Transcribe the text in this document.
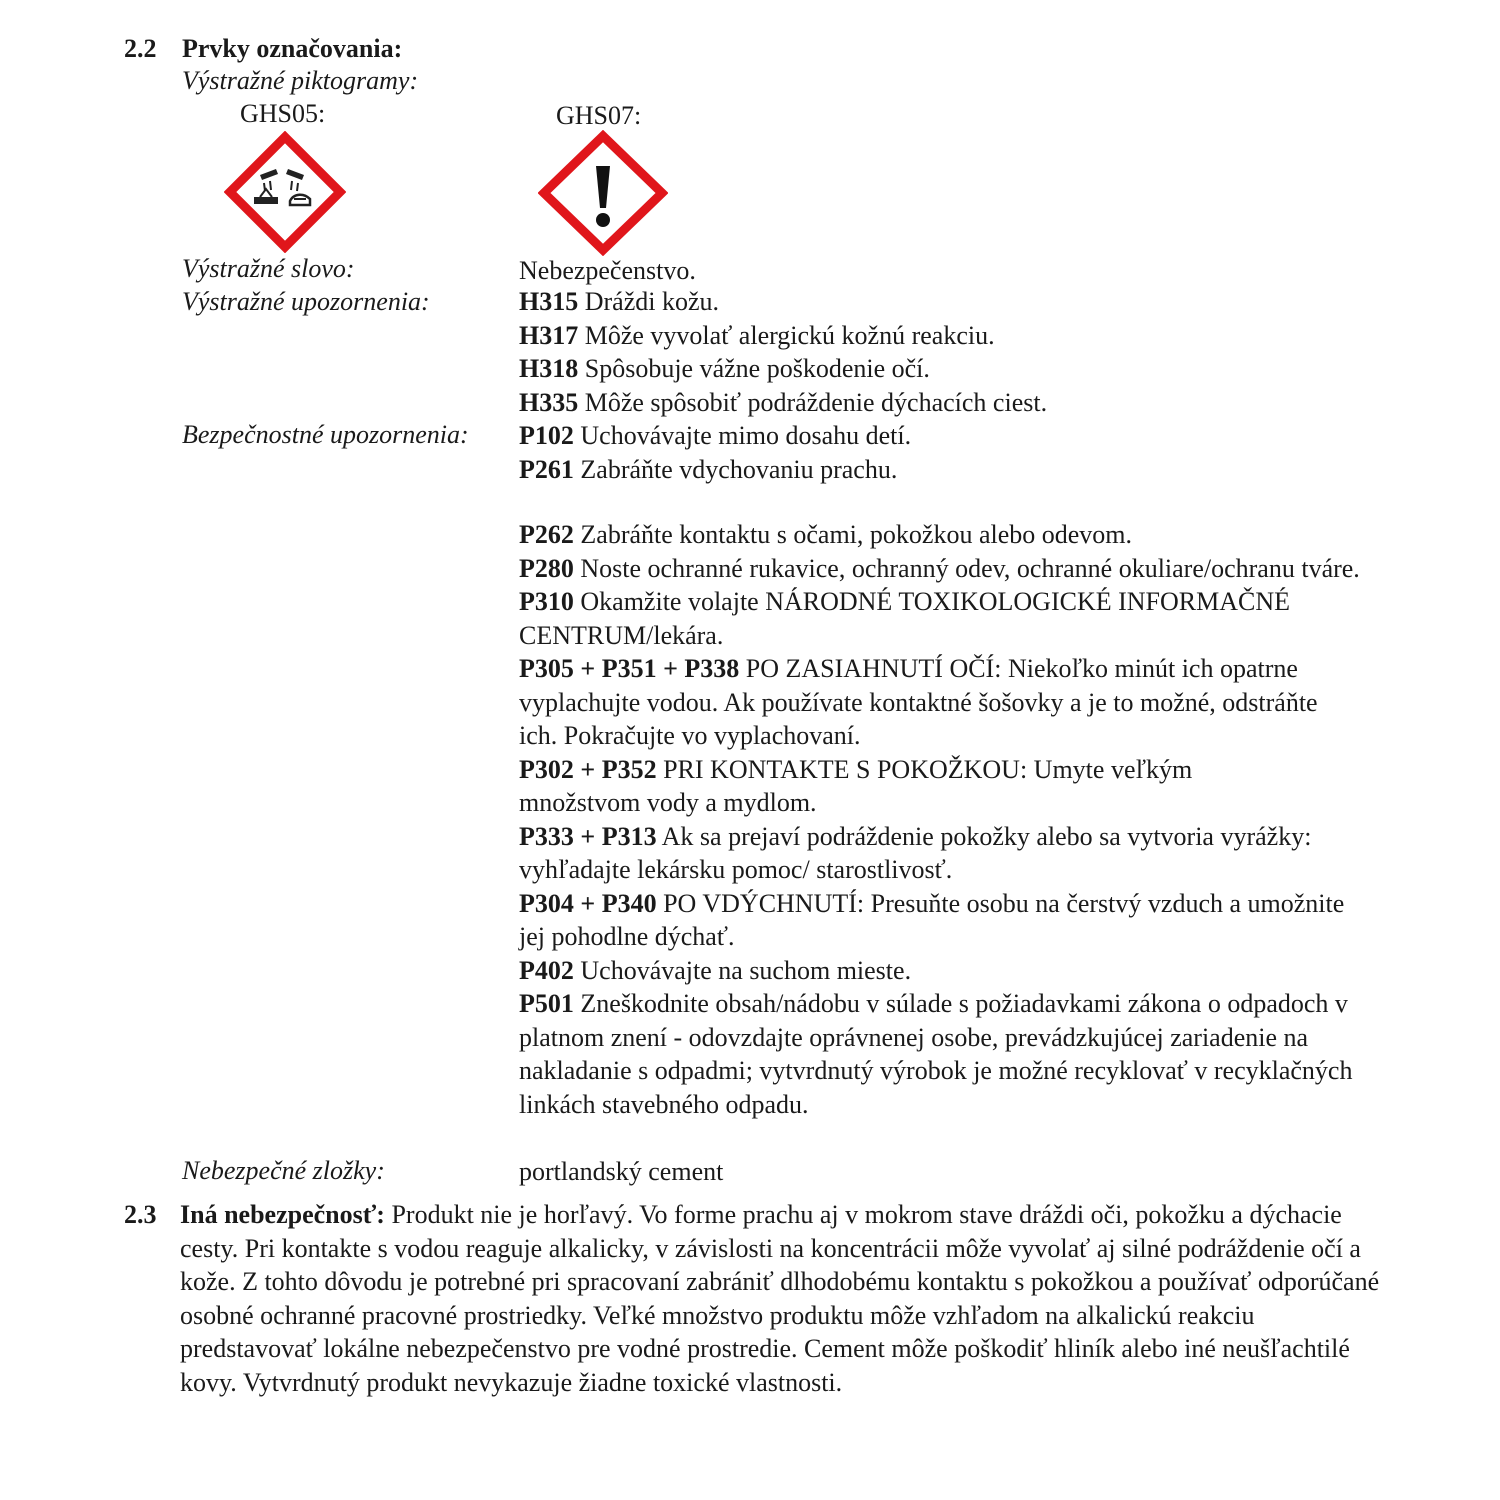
2.2 Prvky označovania:
Výstražné piktogramy:
GHS05:	GHS07:
Výstražné slovo:	Nebezpečenstvo.
Výstražné upozornenia:	H315 Dráždi kožu.
H317 Môže vyvolať alergickú kožnú reakciu.
H318 Spôsobuje vážne poškodenie očí.
H335 Môže spôsobiť podráždenie dýchacích ciest.
Bezpečnostné upozornenia: P102 Uchovávajte mimo dosahu detí.
P261 Zabráňte vdychovaniu prachu.
P262 Zabráňte kontaktu s očami, pokožkou alebo odevom.
P280 Noste ochranné rukavice, ochranný odev, ochranné okuliare/ochranu tváre.
P310 Okamžite volajte NÁRODNÉ TOXIKOLOGICKÉ INFORMAČNÉ CENTRUM/lekára.
P305 + P351 + P338 PO ZASIAHNUTÍ OČÍ: Niekoľko minút ich opatrne vyplachujte vodou. Ak používate kontaktné šošovky a je to možné, odstráňte ich. Pokračujte vo vyplachovaní.
P302 + P352 PRI KONTAKTE S POKOŽKOU: Umyte veľkým množstvom vody a mydlom.
P333 + P313 Ak sa prejaví podráždenie pokožky alebo sa vytvoria vyrážky: vyhľadajte lekársku pomoc/ starostlivosť.
P304 + P340 PO VDÝCHNUTÍ: Presuňte osobu na čerstvý vzduch a umožnite jej pohodlne dýchať.
P402 Uchovávajte na suchom mieste.
P501 Zneškodnite obsah/nádobu v súlade s požiadavkami zákona o odpadoch v platnom znení - odovzdajte oprávnenej osobe, prevádzkujúcej zariadenie na nakladanie s odpadmi; vytvrdnutý výrobok je možné recyklovať v recyklačných linkách stavebného odpadu.
Nebezpečné zložky:	portlandský cement
2.3 Iná nebezpečnosť: Produkt nie je horľavý. Vo forme prachu aj v mokrom stave dráždi oči, pokožku a dýchacie cesty. Pri kontakte s vodou reaguje alkalicky, v závislosti na koncentrácii môže vyvolať aj silné podráždenie očí a kože. Z tohto dôvodu je potrebné pri spracovaní zabrániť dlhodobému kontaktu s pokožkou a používať odporúčané osobné ochranné pracovné prostriedky. Veľké množstvo produktu môže vzhľadom na alkalickú reakciu predstavovať lokálne nebezpečenstvo pre vodné prostredie. Cement môže poškodiť hliník alebo iné neušľachtilé kovy. Vytvrdnutý produkt nevykazuje žiadne toxické vlastnosti.
